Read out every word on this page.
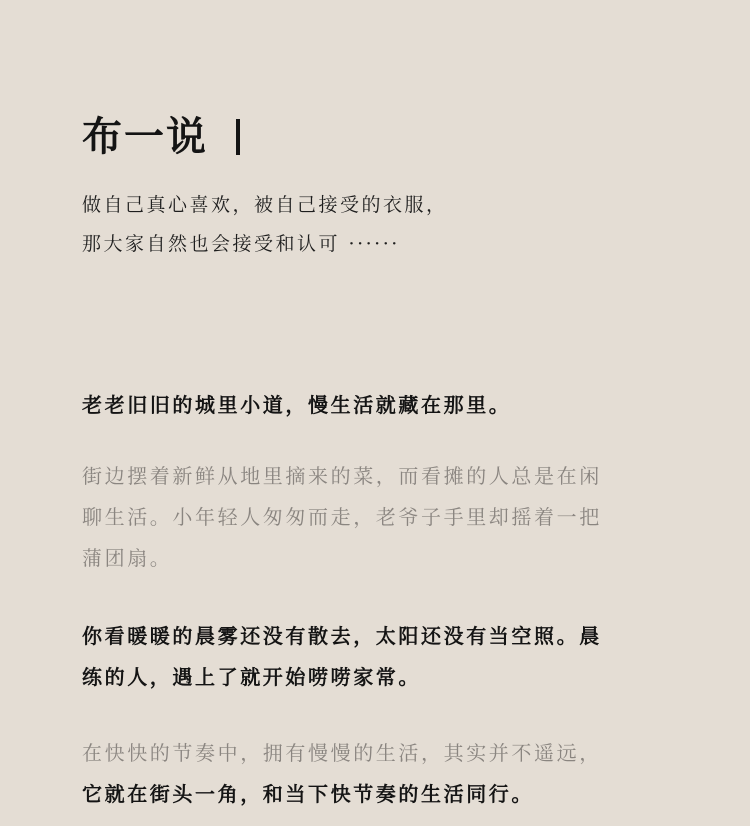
布一说
做自己真心喜欢，被自己接受的衣服，
那大家自然也会接受和认可 ······
老老旧旧的城里小道，慢生活就藏在那里。
街边摆着新鲜从地里摘来的菜，而看摊的人总是在闲
聊生活。小年轻人匆匆而走，老爷子手里却摇着一把
蒲团扇。
你看暖暖的晨雾还没有散去，太阳还没有当空照。晨
练的人，遇上了就开始唠唠家常。
在快快的节奏中，拥有慢慢的生活，其实并不遥远，
它就在街头一角，和当下快节奏的生活同行。
